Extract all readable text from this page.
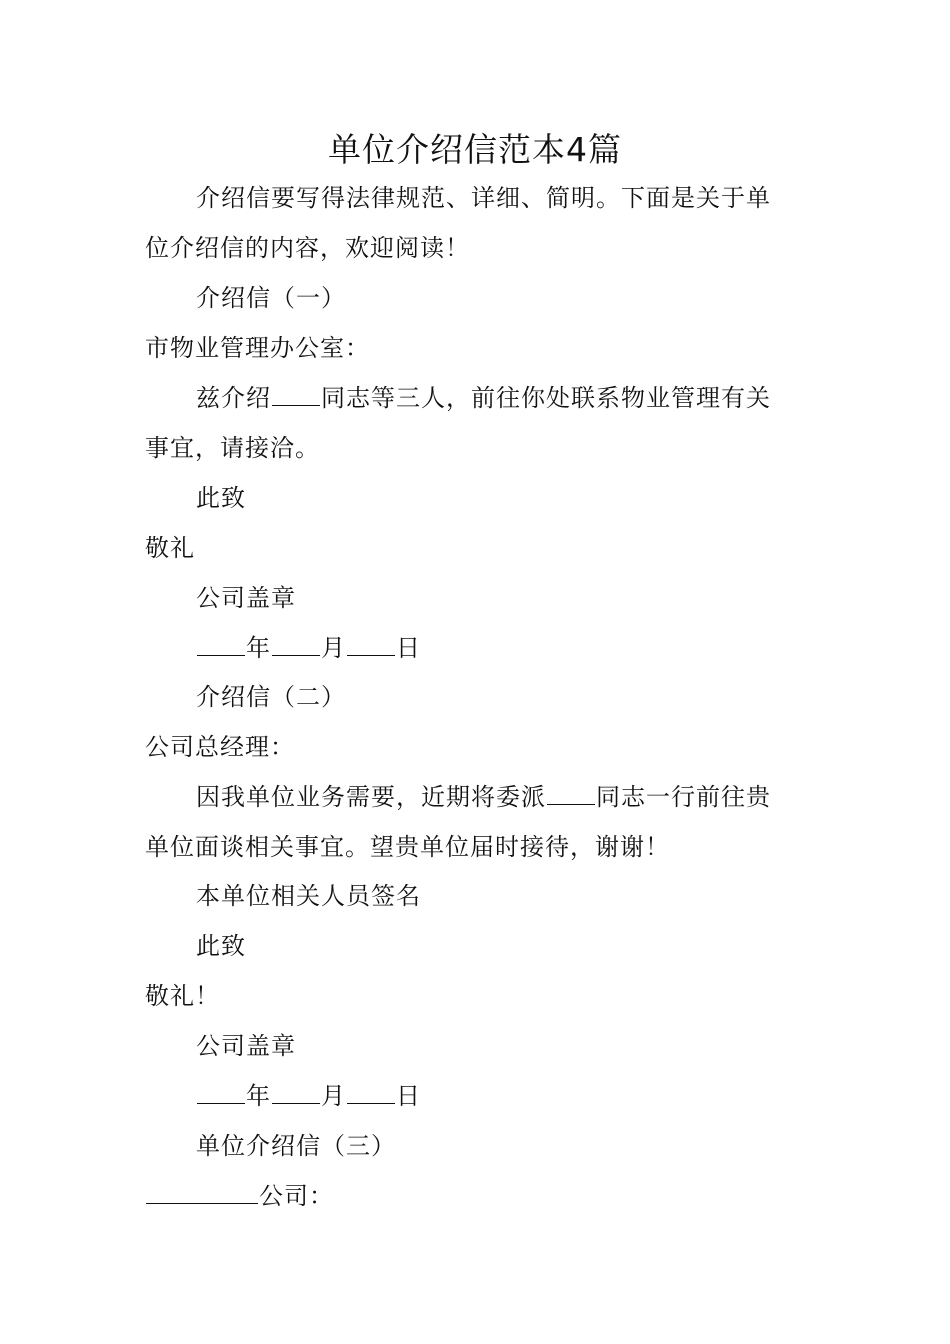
单位介绍信范本4篇
介绍信要写得法律规范、详细、简明。下面是关于单
位介绍信的内容，欢迎阅读！
介绍信（一）
市物业管理办公室：
兹介绍 同志等三人，前往你处联系物业管理有关
事宜，请接洽。
此致
敬礼
公司盖章
年 月 日
介绍信（二）
公司总经理：
因我单位业务需要，近期将委派 同志一行前往贵
单位面谈相关事宜。望贵单位届时接待，谢谢！
本单位相关人员签名
此致
敬礼！
公司盖章
年 月 日
单位介绍信（三）
公司：
